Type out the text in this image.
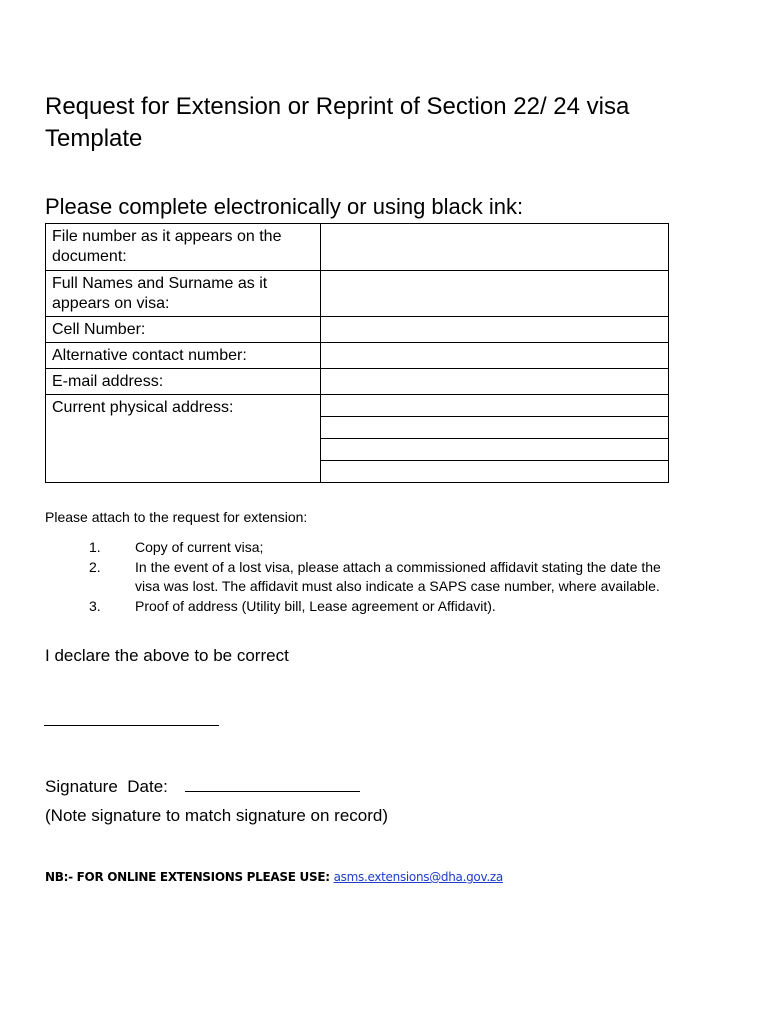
Request for Extension or Reprint of Section 22/ 24 visa Template
Please complete electronically or using black ink:
File number as it appears on the document:	
Full Names and Surname as it appears on visa:	
Cell Number:	
Alternative contact number:	
E-mail address:	
Current physical address:	
Please attach to the request for extension:
1. Copy of current visa;
2. In the event of a lost visa, please attach a commissioned affidavit stating the date the visa was lost. The affidavit must also indicate a SAPS case number, where available.
3. Proof of address (Utility bill, Lease agreement or Affidavit).
I declare the above to be correct
Signature Date:
(Note signature to match signature on record)
NB:- FOR ONLINE EXTENSIONS PLEASE USE: asms.extensions@dha.gov.za
